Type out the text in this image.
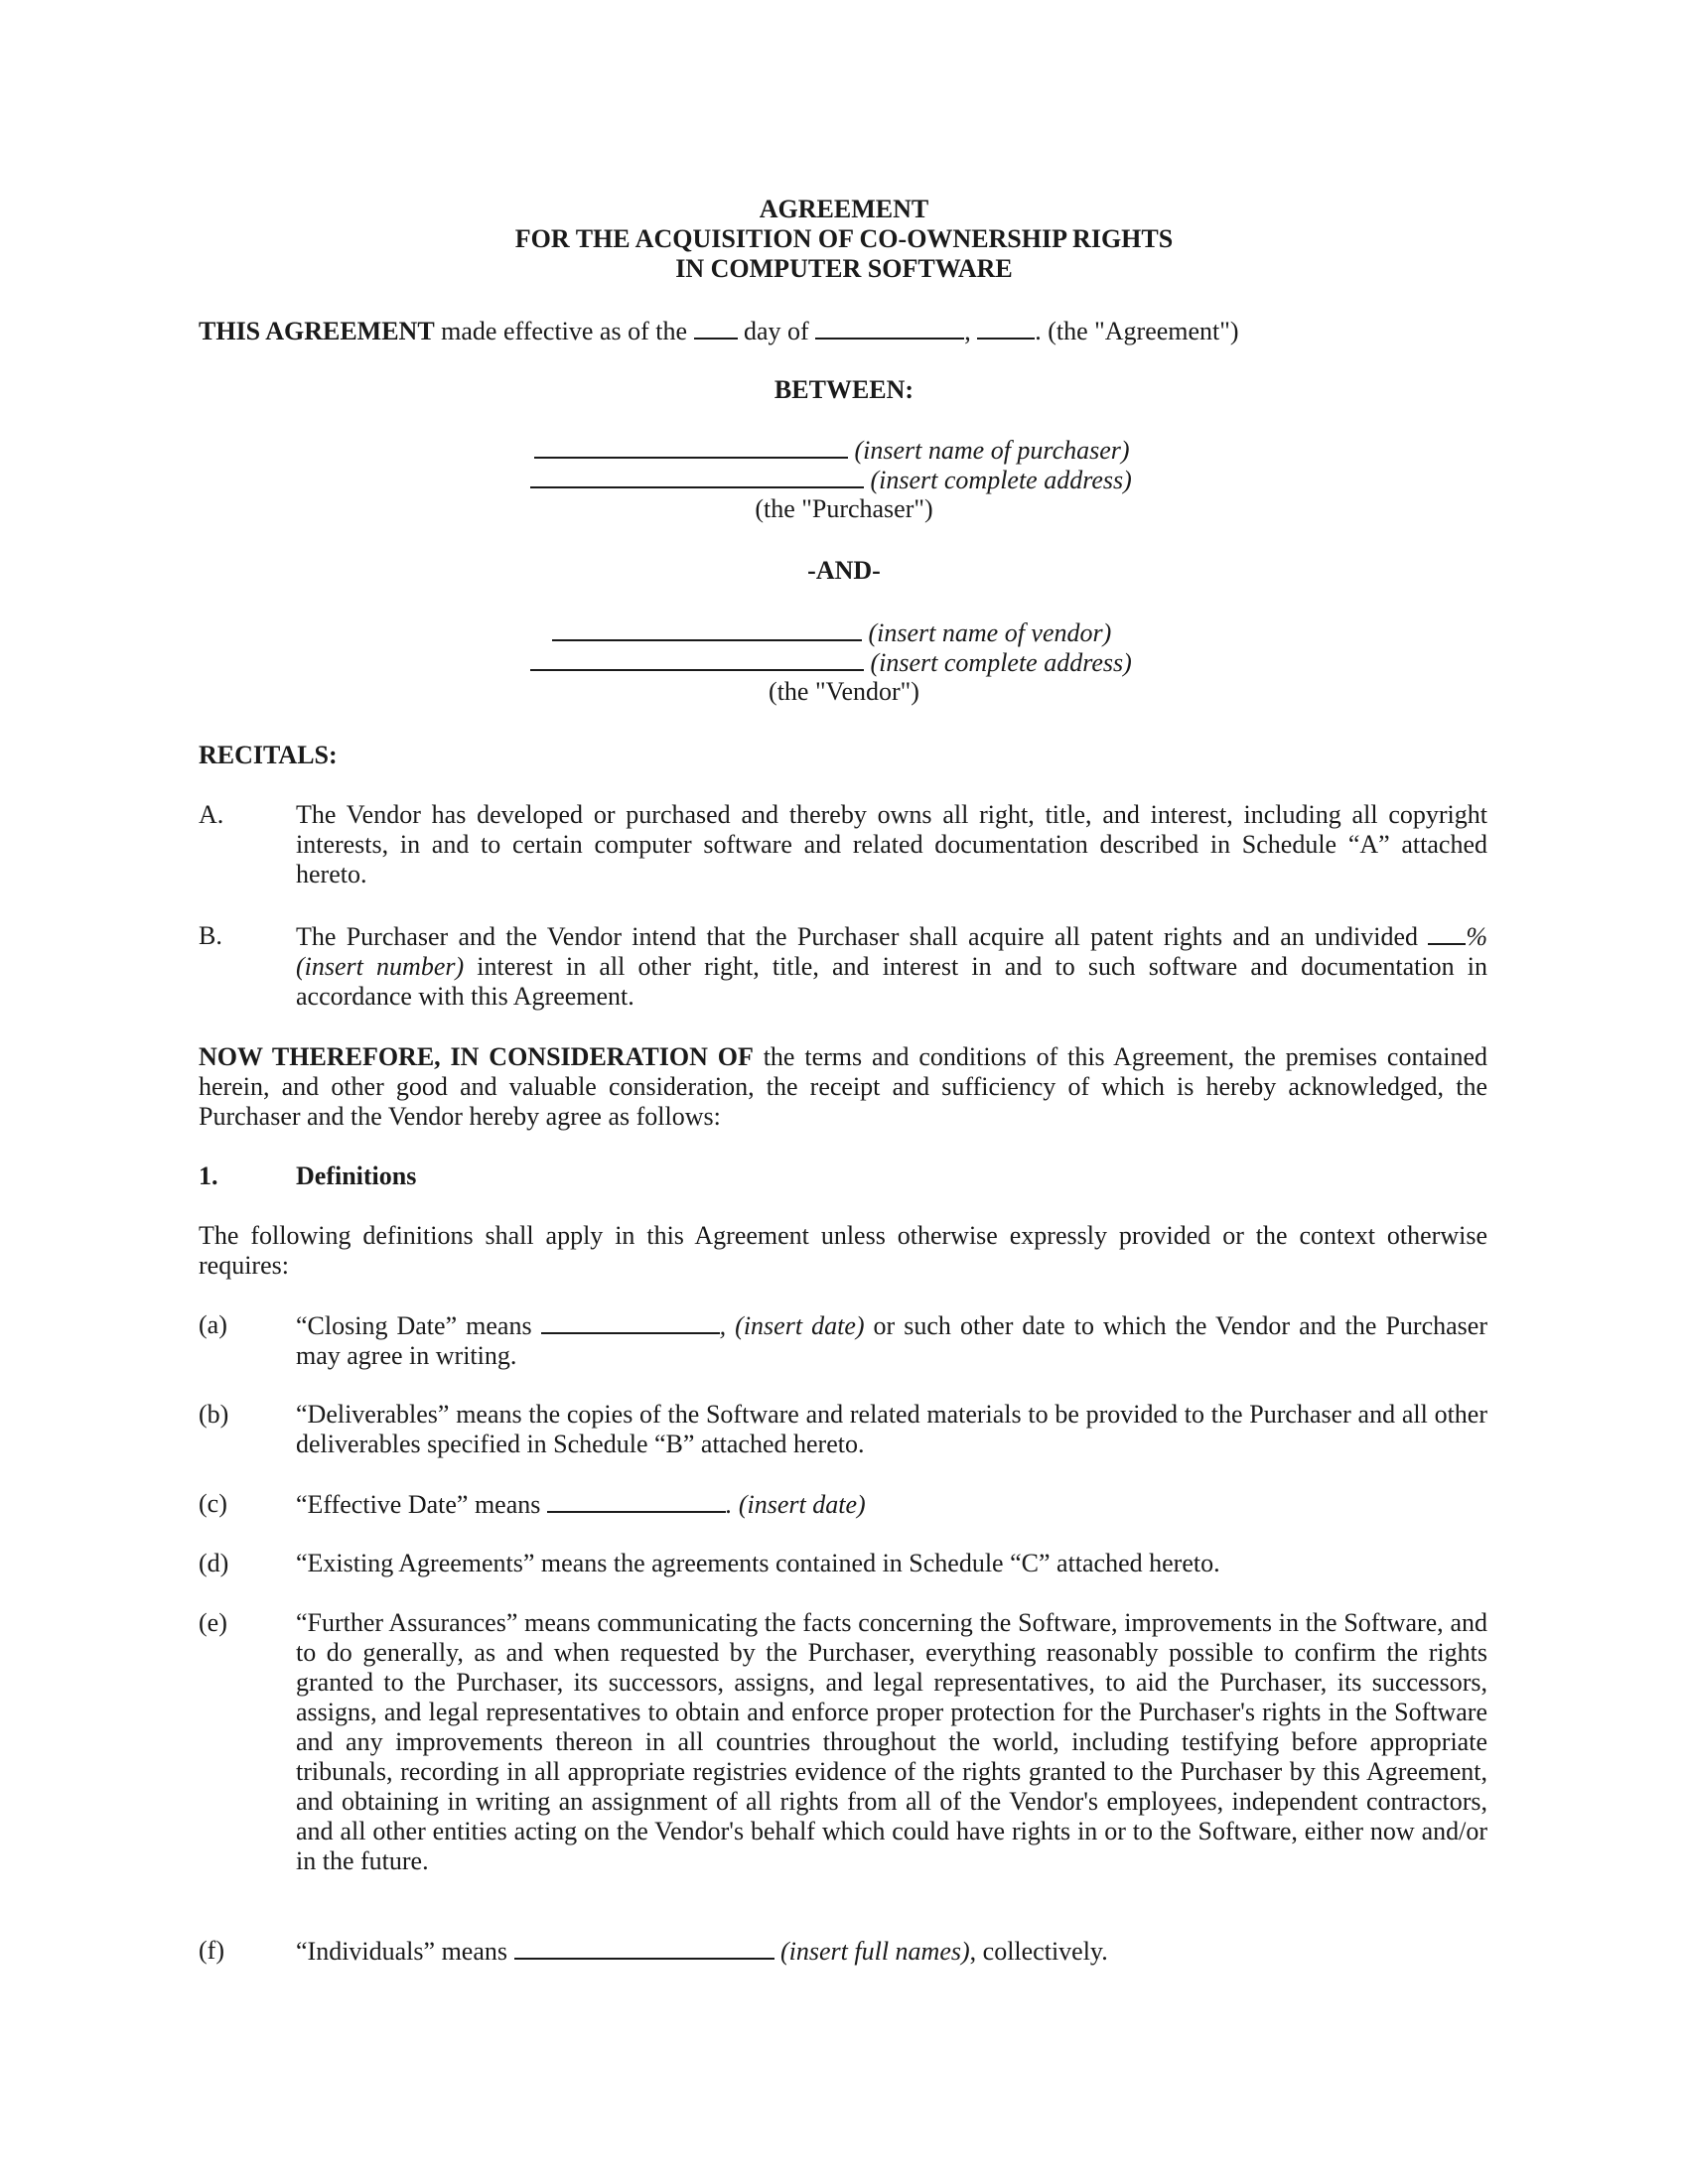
AGREEMENT
FOR THE ACQUISITION OF CO-OWNERSHIP RIGHTS
IN COMPUTER SOFTWARE
THIS AGREEMENT made effective as of the  day of	, . (the "Agreement")
BETWEEN:
(insert name of purchaser)
(insert complete address)
(the "Purchaser")
-AND-
(insert name of vendor)
(insert complete address)
(the "Vendor")
RECITALS:
A.	The Vendor has developed or purchased and thereby owns all right, title, and interest, including all copyright interests, in and to certain computer software and related documentation described in Schedule “A” attached hereto.
B.	The Purchaser and the Vendor intend that the Purchaser shall acquire all patent rights and an undivided % (insert number) interest in all other right, title, and interest in and to such software and documentation in accordance with this Agreement.
NOW THEREFORE, IN CONSIDERATION OF the terms and conditions of this Agreement, the premises contained herein, and other good and valuable consideration, the receipt and sufficiency of which is hereby acknowledged, the Purchaser and the Vendor hereby agree as follows:
1.	Definitions
The following definitions shall apply in this Agreement unless otherwise expressly provided or the context otherwise requires:
(a)	“Closing Date” means	, (insert date) or such other date to which the Vendor and the Purchaser may agree in writing.
(b)	“Deliverables” means the copies of the Software and related materials to be provided to the Purchaser and all other deliverables specified in Schedule “B” attached hereto.
(c)	“Effective Date” means	. (insert date)
(d)	“Existing Agreements” means the agreements contained in Schedule “C” attached hereto.
(e)	“Further Assurances” means communicating the facts concerning the Software, improvements in the Software, and to do generally, as and when requested by the Purchaser, everything reasonably possible to confirm the rights granted to the Purchaser, its successors, assigns, and legal representatives, to aid the Purchaser, its successors, assigns, and legal representatives to obtain and enforce proper protection for the Purchaser's rights in the Software and any improvements thereon in all countries throughout the world, including testifying before appropriate tribunals, recording in all appropriate registries evidence of the rights granted to the Purchaser by this Agreement, and obtaining in writing an assignment of all rights from all of the Vendor's employees, independent contractors, and all other entities acting on the Vendor's behalf which could have rights in or to the Software, either now and/or in the future.
(f)	“Individuals” means	(insert full names), collectively.
